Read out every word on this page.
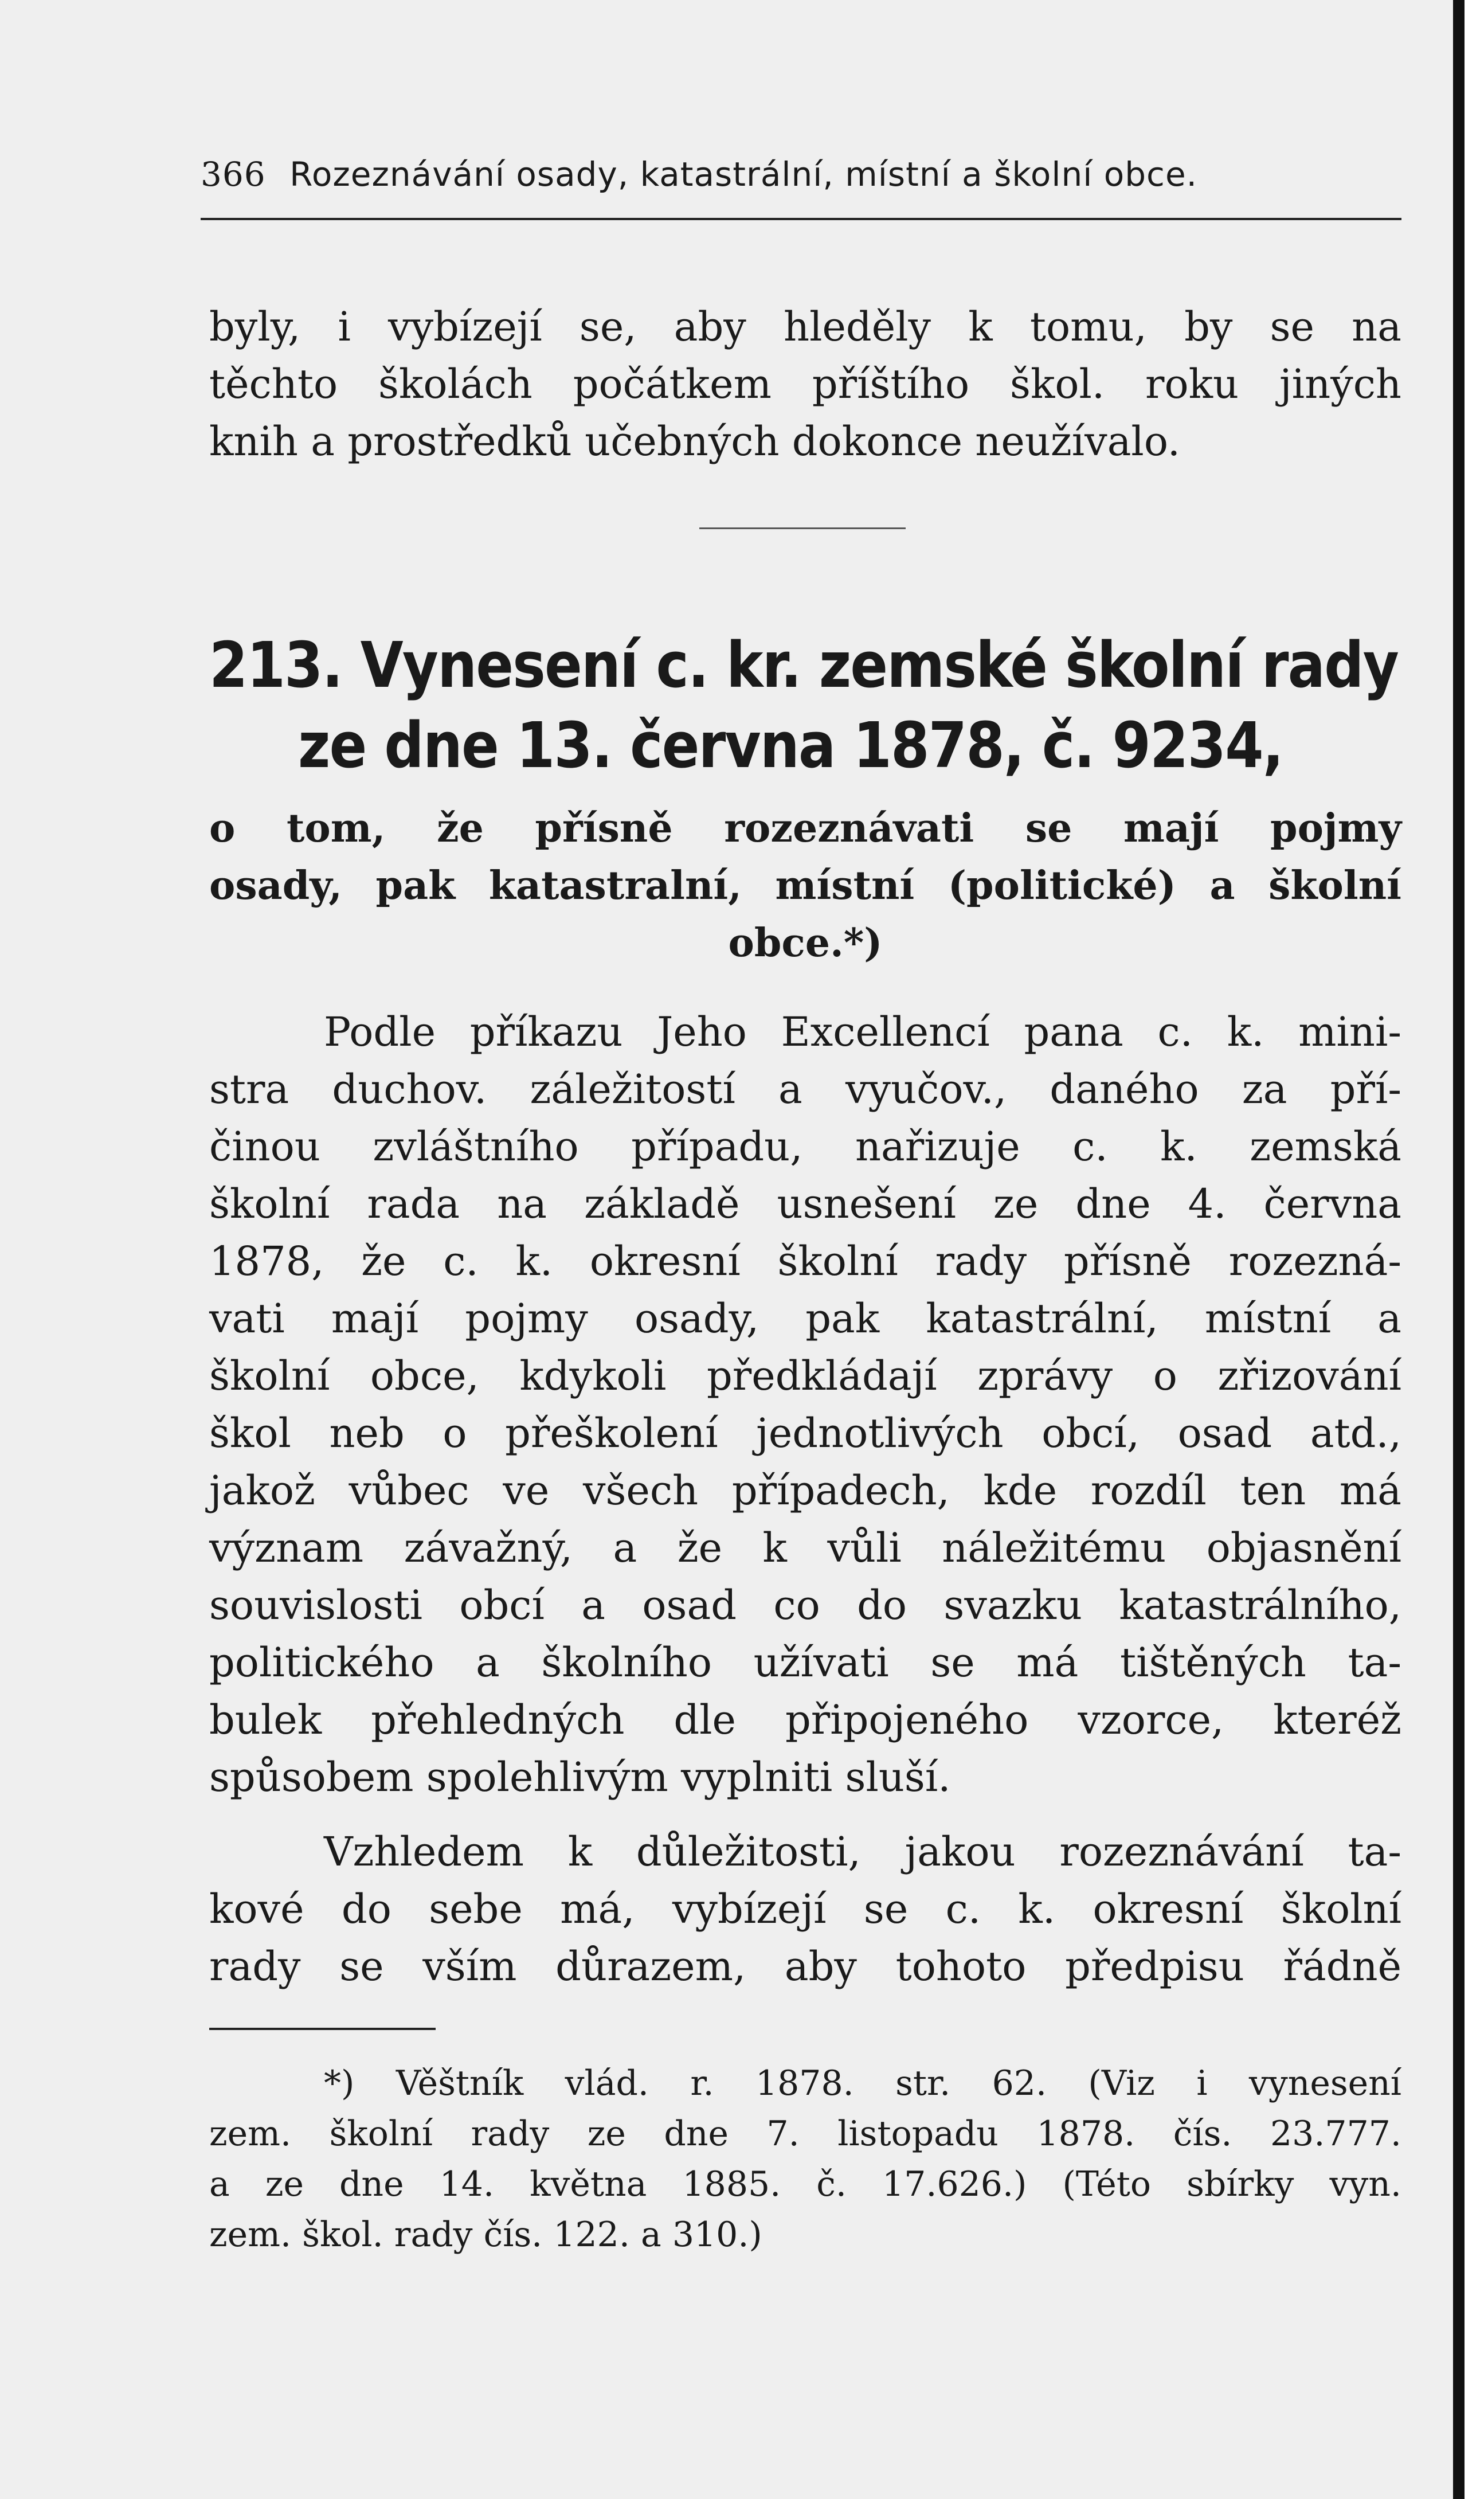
366 Rozeznávání osady, katastrální, místní a školní obce.
byly, i vybízejí se, aby hleděly k tomu, by se na
těchto školách počátkem příštího škol. roku jiných
knih a prostředků učebných dokonce neužívalo.
213. Vynesení c. kr. zemské školní rady
ze dne 13. června 1878, č. 9234,
o tom, že přísně rozeznávati se mají pojmy
osady, pak katastralní, místní (politické) a školní
obce.*)
Podle příkazu Jeho Excellencí pana c. k. mini-
stra duchov. záležitostí a vyučov., daného za pří-
činou zvláštního případu, nařizuje c. k. zemská
školní rada na základě usnešení ze dne 4. června
1878, že c. k. okresní školní rady přísně rozezná-
vati mají pojmy osady, pak katastrální, místní a
školní obce, kdykoli předkládají zprávy o zřizování
škol neb o přeškolení jednotlivých obcí, osad atd.,
jakož vůbec ve všech případech, kde rozdíl ten má
význam závažný, a že k vůli náležitému objasnění
souvislosti obcí a osad co do svazku katastrálního,
politického a školního užívati se má tištěných ta-
bulek přehledných dle připojeného vzorce, kteréž
spůsobem spolehlivým vyplniti sluší.
Vzhledem k důležitosti, jakou rozeznávání ta-
kové do sebe má, vybízejí se c. k. okresní školní
rady se vším důrazem, aby tohoto předpisu řádně
*) Věštník vlád. r. 1878. str. 62. (Viz i vynesení
zem. školní rady ze dne 7. listopadu 1878. čís. 23.777.
a ze dne 14. května 1885. č. 17.626.) (Této sbírky vyn.
zem. škol. rady čís. 122. a 310.)
